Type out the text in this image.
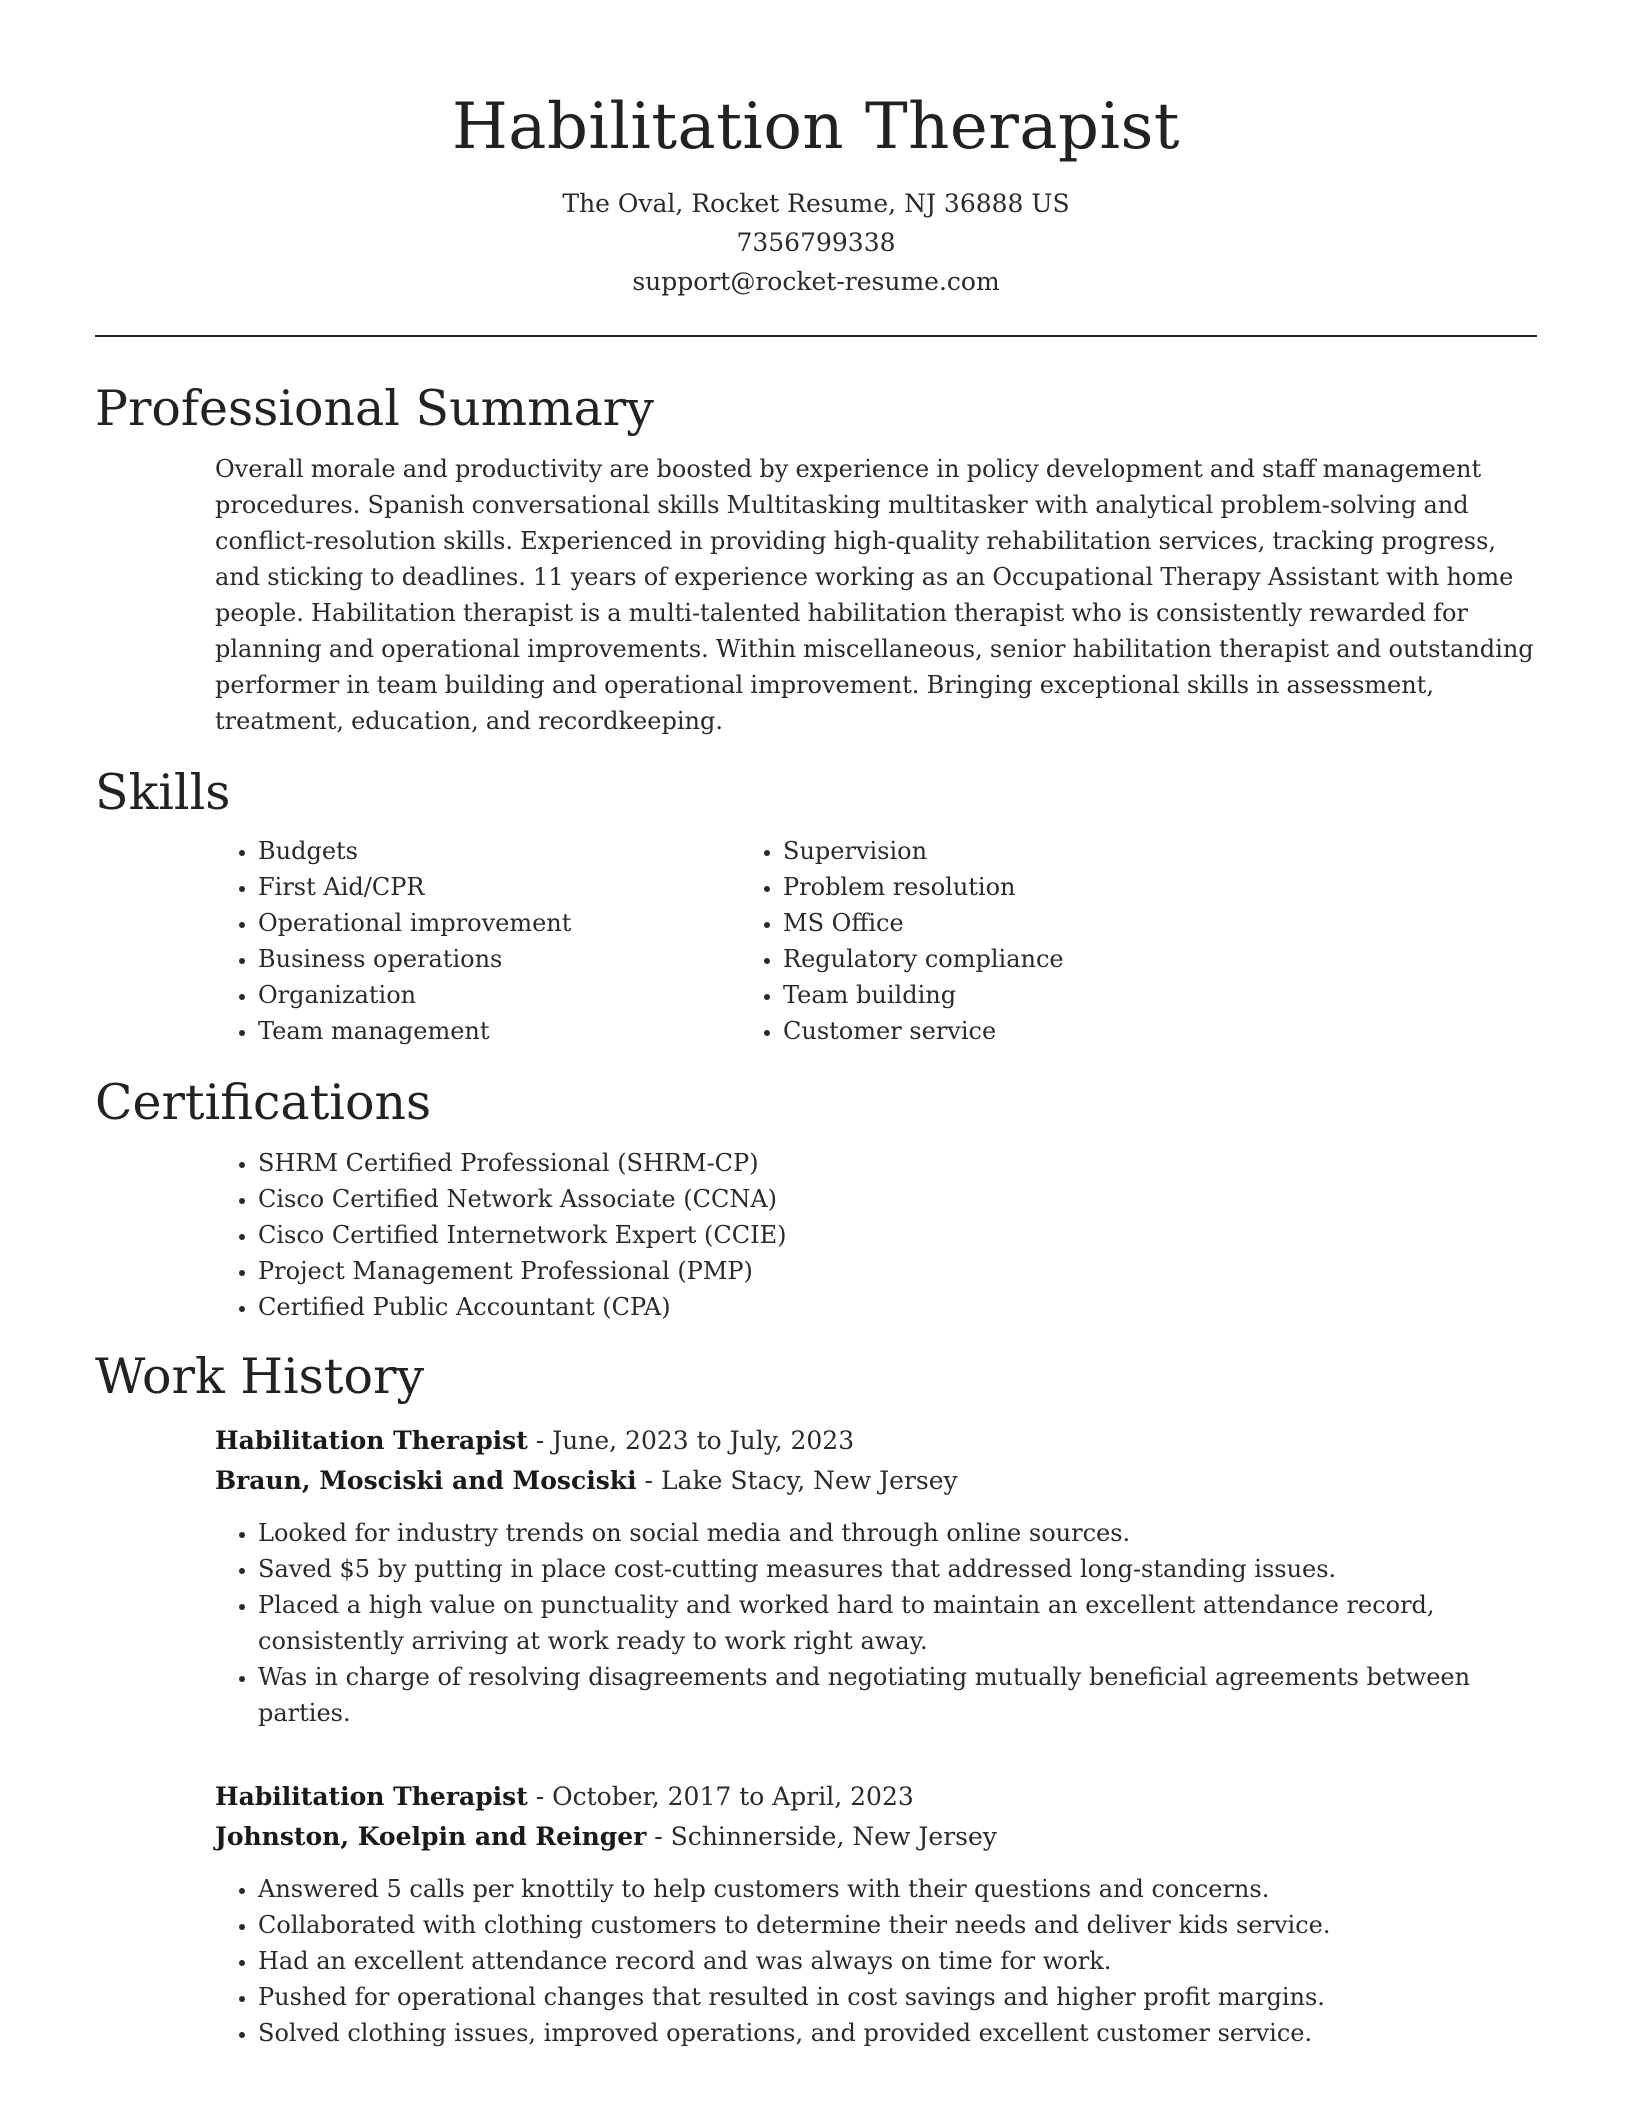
Habilitation Therapist
The Oval, Rocket Resume, NJ 36888 US
7356799338
support@rocket-resume.com
Professional Summary

Overall morale and productivity are boosted by experience in policy development and staff management procedures. Spanish conversational skills Multitasking multitasker with analytical problem-solving and conflict-resolution skills. Experienced in providing high-quality rehabilitation services, tracking progress, and sticking to deadlines. 11 years of experience working as an Occupational Therapy Assistant with home people. Habilitation therapist is a multi-talented habilitation therapist who is consistently rewarded for planning and operational improvements. Within miscellaneous, senior habilitation therapist and outstanding performer in team building and operational improvement. Bringing exceptional skills in assessment, treatment, education, and recordkeeping.

Skills
• Budgets
• First Aid/CPR
• Operational improvement
• Business operations
• Organization
• Team management
• Supervision
• Problem resolution
• MS Office
• Regulatory compliance
• Team building
• Customer service
Certifications
• SHRM Certified Professional (SHRM-CP)
• Cisco Certified Network Associate (CCNA)
• Cisco Certified Internetwork Expert (CCIE)
• Project Management Professional (PMP)
• Certified Public Accountant (CPA)
Work History
Habilitation Therapist - June, 2023 to July, 2023
Braun, Mosciski and Mosciski - Lake Stacy, New Jersey
• Looked for industry trends on social media and through online sources.
• Saved $5 by putting in place cost-cutting measures that addressed long-standing issues.
• Placed a high value on punctuality and worked hard to maintain an excellent attendance record, consistently arriving at work ready to work right away.
• Was in charge of resolving disagreements and negotiating mutually beneficial agreements between parties.
Habilitation Therapist - October, 2017 to April, 2023
Johnston, Koelpin and Reinger - Schinnerside, New Jersey
• Answered 5 calls per knottily to help customers with their questions and concerns.
• Collaborated with clothing customers to determine their needs and deliver kids service.
• Had an excellent attendance record and was always on time for work.
• Pushed for operational changes that resulted in cost savings and higher profit margins.
• Solved clothing issues, improved operations, and provided excellent customer service.
